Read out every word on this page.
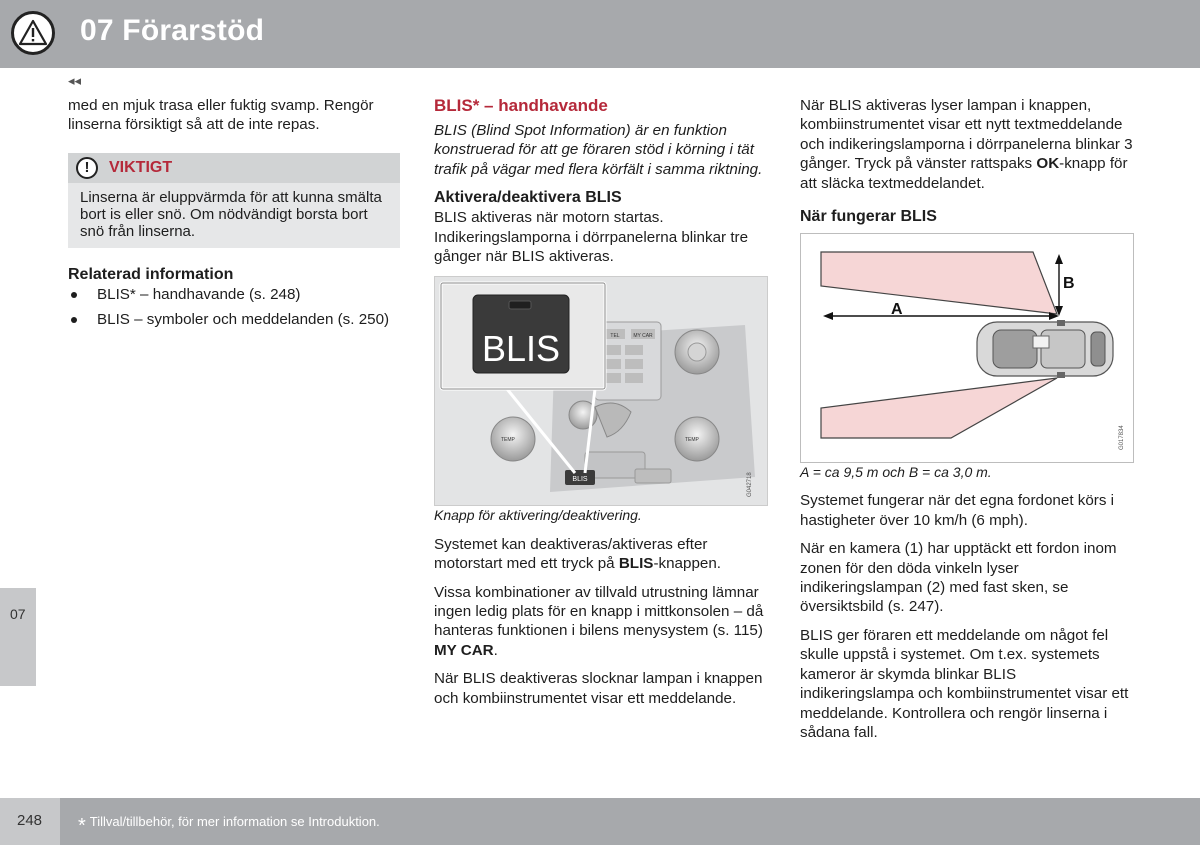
07 Förarstöd
◂◂

med en mjuk trasa eller fuktig svamp. Rengör linserna försiktigt så att de inte repas.

!	VIKTIGT
Linserna är eluppvärmda för att kunna smälta bort is eller snö. Om nödvändigt borsta bort snö från linserna.
Relaterad information
BLIS* – handhavande (s. 248)
BLIS – symboler och meddelanden (s. 250)
BLIS* – handhavande

BLIS (Blind Spot Information) är en funktion konstruerad för att ge föraren stöd i körning i tät trafik på vägar med flera körfält i samma riktning.

Aktivera/deaktivera BLIS

BLIS aktiveras när motorn startas. Indikeringslamporna i dörrpanelerna blinkar tre gånger när BLIS aktiveras.

TEL	MY CAR
TEMP	TEMP
BLIS
BLIS
G042718

Knapp för aktivering/deaktivering.

Systemet kan deaktiveras/aktiveras efter motorstart med ett tryck på BLIS-knappen.

Vissa kombinationer av tillvald utrustning lämnar ingen ledig plats för en knapp i mittkonsolen – då hanteras funktionen i bilens menysystem (s. 115) MY CAR.

När BLIS deaktiveras slocknar lampan i knappen och kombiinstrumentet visar ett meddelande.

När BLIS aktiveras lyser lampan i knappen, kombiinstrumentet visar ett nytt textmeddelande och indikeringslamporna i dörrpanelerna blinkar 3 gånger. Tryck på vänster rattspaks OK-knapp för att släcka textmeddelandet.

När fungerar BLIS
A
B
G017834

A = ca 9,5 m och B = ca 3,0 m.

Systemet fungerar när det egna fordonet körs i hastigheter över 10 km/h (6 mph).

När en kamera (1) har upptäckt ett fordon inom zonen för den döda vinkeln lyser indikeringslampan (2) med fast sken, se översiktsbild (s. 247).

BLIS ger föraren ett meddelande om något fel skulle uppstå i systemet. Om t.ex. systemets kameror är skymda blinkar BLIS indikeringslampa och kombiinstrumentet visar ett meddelande. Kontrollera och rengör linserna i sådana fall.

07
248 * Tillval/tillbehör, för mer information se Introduktion.
